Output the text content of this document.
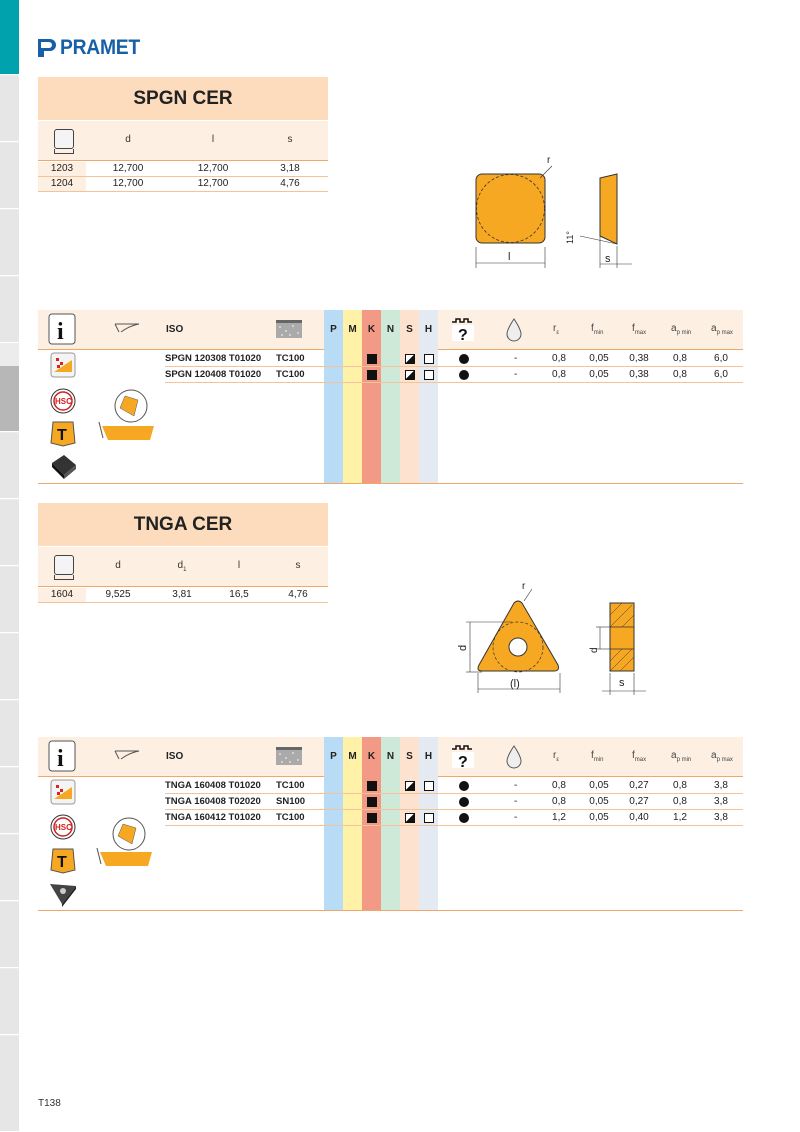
PRAMET
SPGN CER
d	l	s
1203	12,700	12,700	3,18
1204	12,700	12,700	4,76
l
r
s
11°
ISO	$r_\varepsilon$	$f_{min}$	$f_{max}$ $a_{p min}$ $a_{p max}$
i	?
P	M	K	N	S	H
SPGN 120308 T01020 TC100	-	0,8	0,05	0,38	0,8	6,0
SPGN 120408 T01020 TC100	-	0,8	0,05	0,38	0,8	6,0
HSC
T
TNGA CER
d	$d_1$	l	s
1604	9,525	3,81	16,5	4,76
r
d
(l)
d
s
ISO	$r_\varepsilon$	$f_{min}$	$f_{max}$ $a_{p min}$ $a_{p max}$
i	?
P	M	K	N	S	H
TNGA 160408 T01020 TC100	-	0,8	0,05	0,27	0,8	3,8
TNGA 160408 T02020 SN100	-	0,8	0,05	0,27	0,8	3,8
TNGA 160412 T01020 TC100	-	1,2	0,05	0,40	1,2	3,8
HSC
T
T138
